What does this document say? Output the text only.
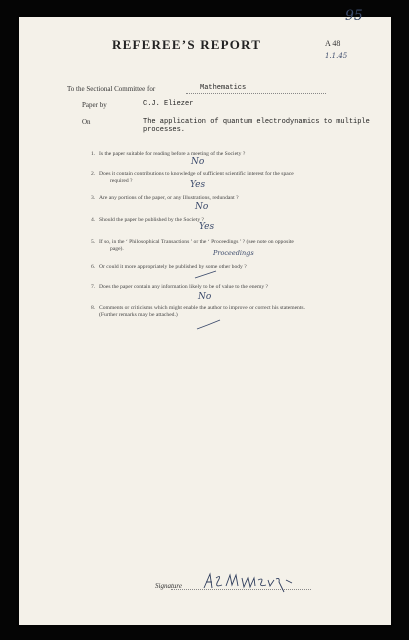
95
REFEREE’S REPORT	A 48
1.1.45
To the Sectional Committee for	Mathematics
Paper by	C.J. Eliezer
On	The application of quantum electrodynamics to multiple
processes.
1. Is the paper suitable for reading before a meeting of the Society ?
No
2. Does it contain contributions to knowledge of sufficient scientific interest for the space
required ?	Yes
3. Are any portions of the paper, or any Illustrations, redundant ?
No
4. Should the paper be published by the Society ?
Yes
5. If so, in the ‘ Philosophical Transactions ’ or the ‘ Proceedings ’ ? (see note on opposite
page).	Proceedings
6. Or could it more appropriately be published by some other body ?
7. Does the paper contain any information likely to be of value to the enemy ?
No
8. Comments or criticisms which might enable the author to improve or correct his statements.
(Further remarks may be attached.)
Signature
